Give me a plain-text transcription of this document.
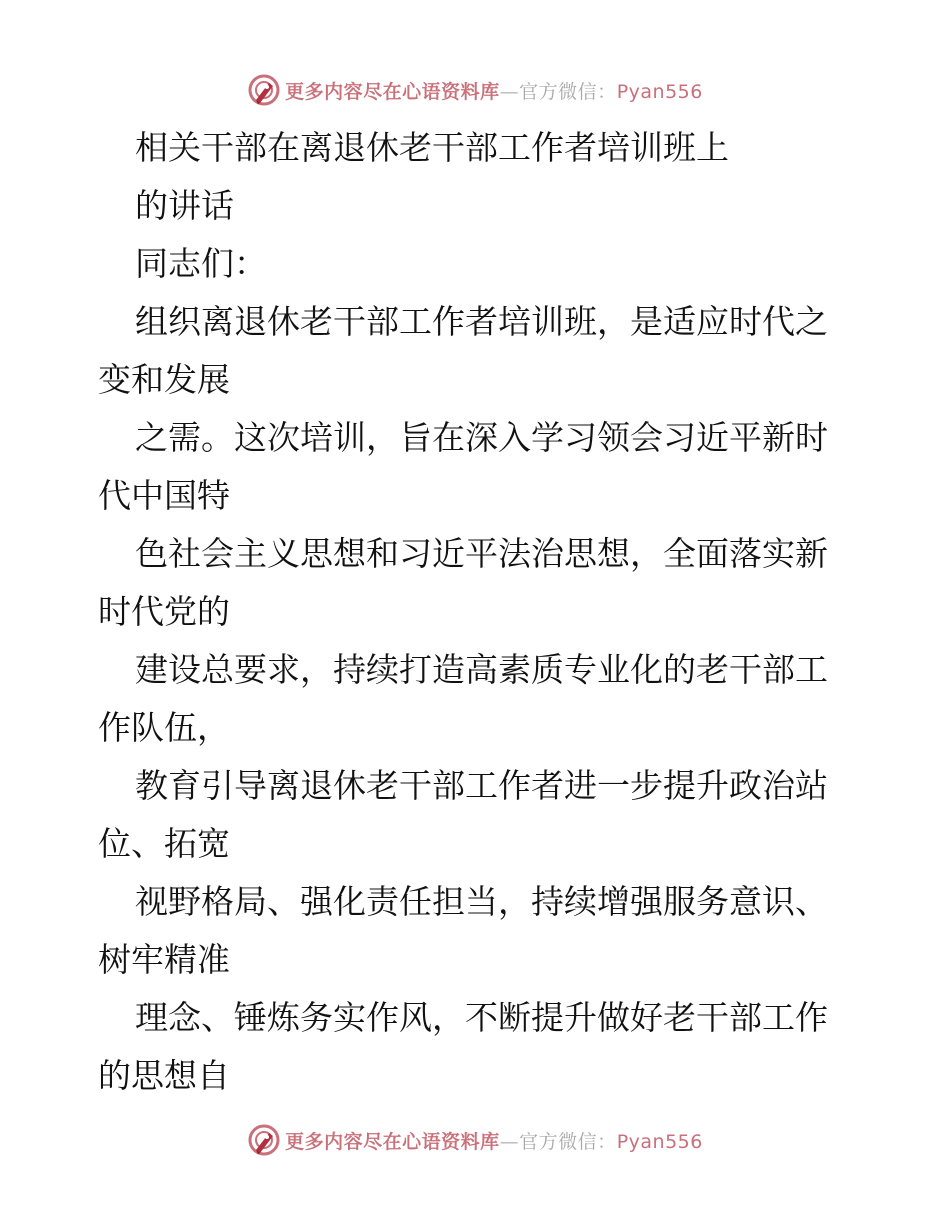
更多内容尽在心语资料库—官方微信：Pyan556
相关干部在离退休老干部工作者培训班上
的讲话
同志们：
组织离退休老干部工作者培训班，是适应时代之
变和发展
之需。这次培训，旨在深入学习领会习近平新时
代中国特
色社会主义思想和习近平法治思想，全面落实新
时代党的
建设总要求，持续打造高素质专业化的老干部工
作队伍，
教育引导离退休老干部工作者进一步提升政治站
位、拓宽
视野格局、强化责任担当，持续增强服务意识、
树牢精准
理念、锤炼务实作风，不断提升做好老干部工作
的思想自
更多内容尽在心语资料库—官方微信：Pyan556
